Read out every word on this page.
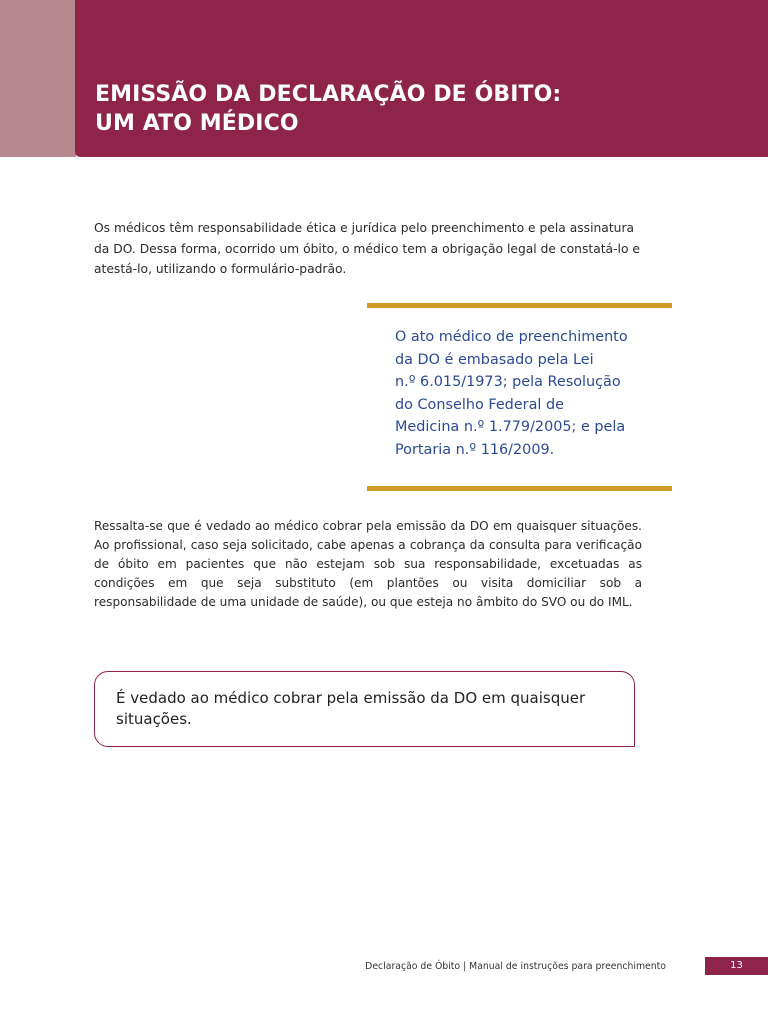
EMISSÃO DA DECLARAÇÃO DE ÓBITO:
UM ATO MÉDICO

Os médicos têm responsabilidade ética e jurídica pelo preenchimento e pela assinatura da DO. Dessa forma, ocorrido um óbito, o médico tem a obrigação legal de constatá-lo e atestá-lo, utilizando o formulário-padrão.

O ato médico de preenchimento
da DO é embasado pela Lei
n.º 6.015/1973; pela Resolução
do Conselho Federal de
Medicina n.º 1.779/2005; e pela
Portaria n.º 116/2009.

Ressalta-se que é vedado ao médico cobrar pela emissão da DO em quaisquer situações. Ao profissional, caso seja solicitado, cabe apenas a cobrança da consulta para verificação de óbito em pacientes que não estejam sob sua responsabilidade, excetuadas as condições em que seja substituto (em plantões ou visita domiciliar sob a responsabilidade de uma unidade de saúde), ou que esteja no âmbito do SVO ou do IML.

É vedado ao médico cobrar pela emissão da DO em quaisquer situações.

Declaração de Óbito | Manual de instruções para preenchimento	13
